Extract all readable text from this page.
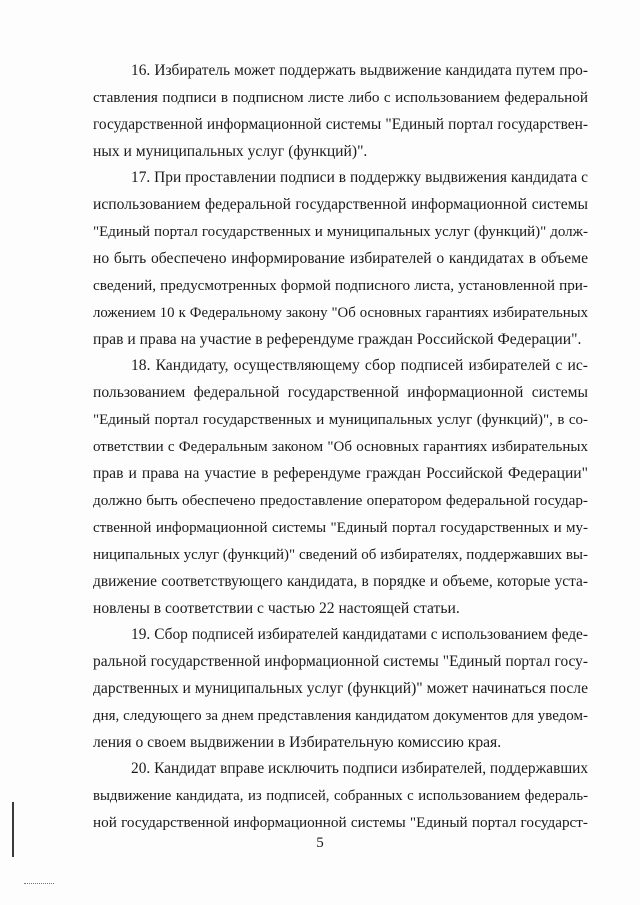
16. Избиратель может поддержать выдвижение кандидата путем про-
ставления подписи в подписном листе либо с использованием федеральной
государственной информационной системы "Единый портал государствен-
ных и муниципальных услуг (функций)".
17. При проставлении подписи в поддержку выдвижения кандидата с
использованием федеральной государственной информационной системы
"Единый портал государственных и муниципальных услуг (функций)" долж-
но быть обеспечено информирование избирателей о кандидатах в объеме
сведений, предусмотренных формой подписного листа, установленной при-
ложением 10 к Федеральному закону "Об основных гарантиях избирательных
прав и права на участие в референдуме граждан Российской Федерации".
18. Кандидату, осуществляющему сбор подписей избирателей с ис-
пользованием федеральной государственной информационной системы
"Единый портал государственных и муниципальных услуг (функций)", в со-
ответствии с Федеральным законом "Об основных гарантиях избирательных
прав и права на участие в референдуме граждан Российской Федерации"
должно быть обеспечено предоставление оператором федеральной государ-
ственной информационной системы "Единый портал государственных и му-
ниципальных услуг (функций)" сведений об избирателях, поддержавших вы-
движение соответствующего кандидата, в порядке и объеме, которые уста-
новлены в соответствии с частью 22 настоящей статьи.
19. Сбор подписей избирателей кандидатами с использованием феде-
ральной государственной информационной системы "Единый портал госу-
дарственных и муниципальных услуг (функций)" может начинаться после
дня, следующего за днем представления кандидатом документов для уведом-
ления о своем выдвижении в Избирательную комиссию края.
20. Кандидат вправе исключить подписи избирателей, поддержавших
выдвижение кандидата, из подписей, собранных с использованием федераль-
ной государственной информационной системы "Единый портал государст-
5
